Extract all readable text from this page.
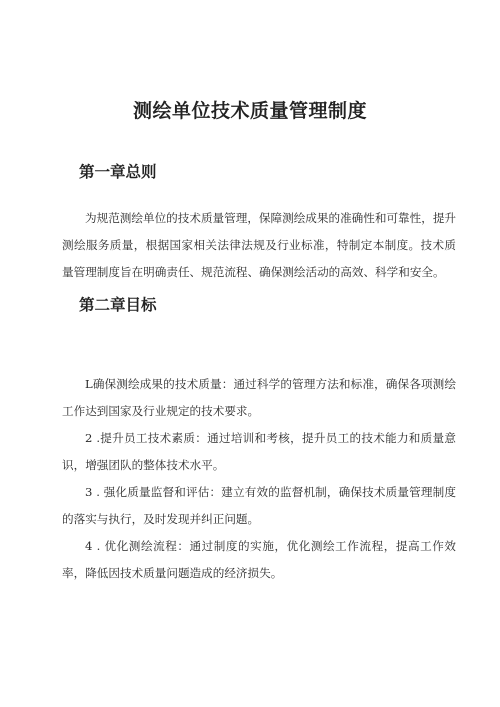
测绘单位技术质量管理制度
第一章总则

为规范测绘单位的技术质量管理，保障测绘成果的准确性和可靠性，提升测绘服务质量，根据国家相关法律法规及行业标准，特制定本制度。技术质量管理制度旨在明确责任、规范流程、确保测绘活动的高效、科学和安全。

第二章目标

L确保测绘成果的技术质量：通过科学的管理方法和标准，确保各项测绘工作达到国家及行业规定的技术要求。

2 .提升员工技术素质：通过培训和考核，提升员工的技术能力和质量意识，增强团队的整体技术水平。

3 . 强化质量监督和评估：建立有效的监督机制，确保技术质量管理制度的落实与执行，及时发现并纠正问题。

4 . 优化测绘流程：通过制度的实施，优化测绘工作流程，提高工作效率，降低因技术质量问题造成的经济损失。
